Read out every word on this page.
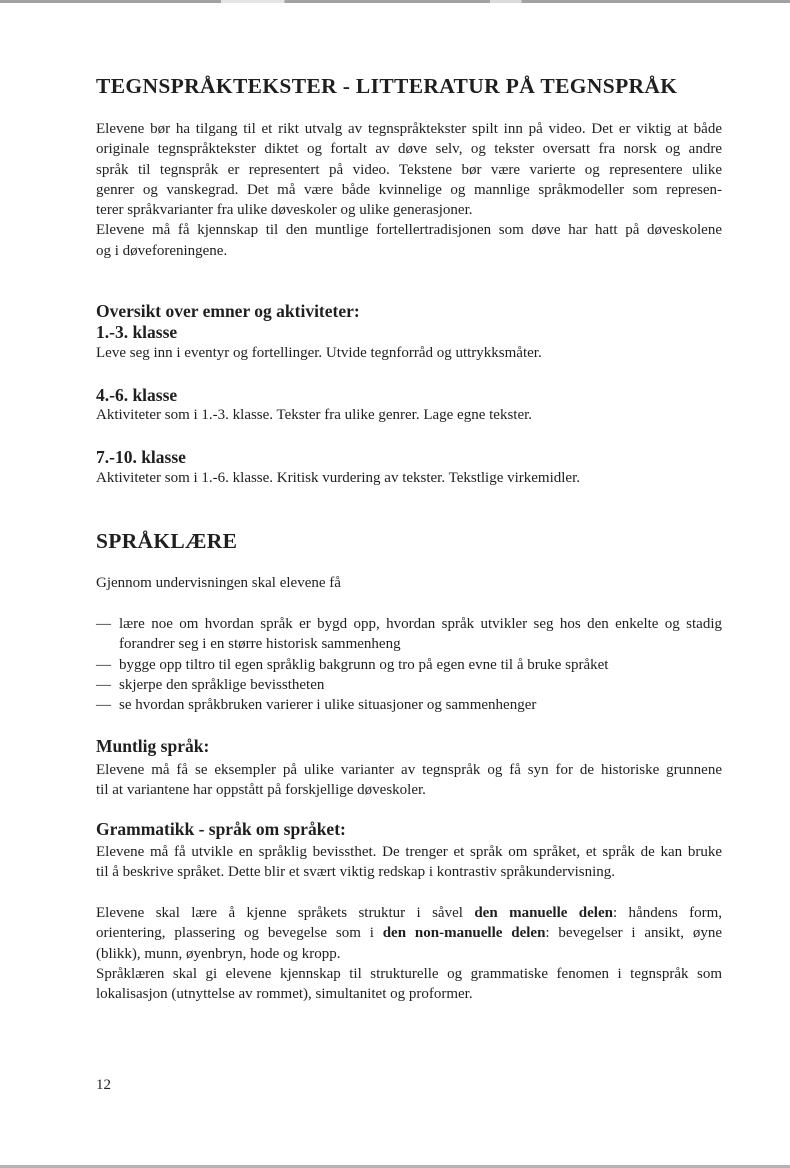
TEGNSPRÅKTEKSTER - LITTERATUR PÅ TEGNSPRÅK

Elevene bør ha tilgang til et rikt utvalg av tegnspråktekster spilt inn på video. Det er viktig at både
originale tegnspråktekster diktet og fortalt av døve selv, og tekster oversatt fra norsk og andre
språk til tegnspråk er representert på video. Tekstene bør være varierte og representere ulike
genrer og vanskegrad. Det må være både kvinnelige og mannlige språkmodeller som represen-
terer språkvarianter fra ulike døveskoler og ulike generasjoner.
Elevene må få kjennskap til den muntlige fortellertradisjonen som døve har hatt på døveskolene
og i døveforeningene.

Oversikt over emner og aktiviteter:
1.-3. klasse

Leve seg inn i eventyr og fortellinger. Utvide tegnforråd og uttrykksmåter.

4.-6. klasse

Aktiviteter som i 1.-3. klasse. Tekster fra ulike genrer. Lage egne tekster.

7.-10. klasse

Aktiviteter som i 1.-6. klasse. Kritisk vurdering av tekster. Tekstlige virkemidler.

SPRÅKLÆRE

Gjennom undervisningen skal elevene få

— lære noe om hvordan språk er bygd opp, hvordan språk utvikler seg hos den enkelte og stadig
forandrer seg i en større historisk sammenheng
— bygge opp tiltro til egen språklig bakgrunn og tro på egen evne til å bruke språket
— skjerpe den språklige bevisstheten
— se hvordan språkbruken varierer i ulike situasjoner og sammenhenger
Muntlig språk:

Elevene må få se eksempler på ulike varianter av tegnspråk og få syn for de historiske grunnene
til at variantene har oppstått på forskjellige døveskoler.

Grammatikk - språk om språket:

Elevene må få utvikle en språklig bevissthet. De trenger et språk om språket, et språk de kan bruke
til å beskrive språket. Dette blir et svært viktig redskap i kontrastiv språkundervisning.

Elevene skal lære å kjenne språkets struktur i såvel den manuelle delen: håndens form,
orientering, plassering og bevegelse som i den non-manuelle delen: bevegelser i ansikt, øyne
(blikk), munn, øyenbryn, hode og kropp.
Språklæren skal gi elevene kjennskap til strukturelle og grammatiske fenomen i tegnspråk som
lokalisasjon (utnyttelse av rommet), simultanitet og proformer.

12
